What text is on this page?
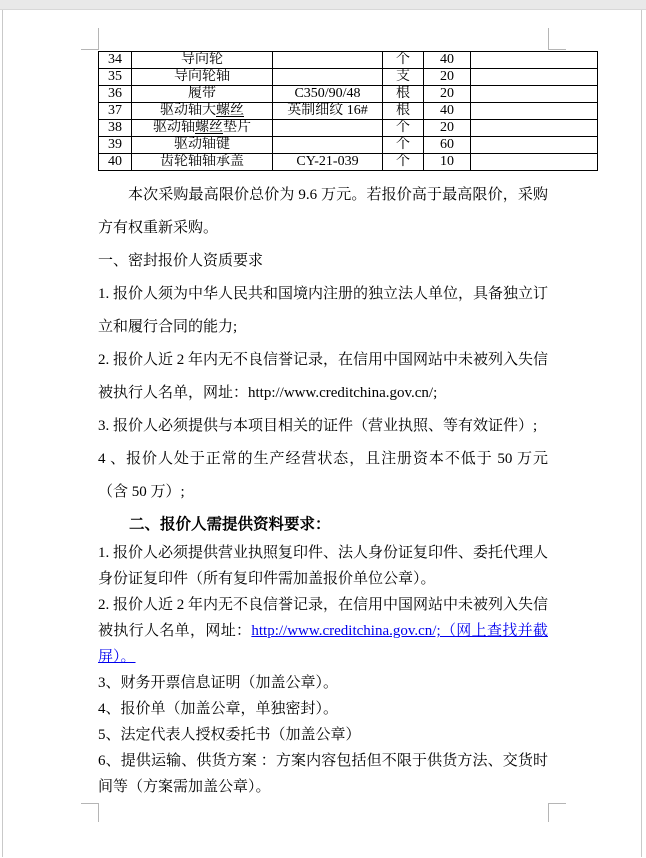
34	导向轮		个	40	
35	导向轮轴		支	20	
36	履带	C350/90/48	根	20	
37	驱动轴大螺丝	英制细纹 16#	根	40	
38	驱动轴螺丝垫片		个	20	
39	驱动轴键		个	60	
40	齿轮轴轴承盖	CY-21-039	个	10	

本次采购最高限价总价为 9.6 万元。若报价高于最高限价，采购方有权重新采购。

一、密封报价人资质要求

1. 报价人须为中华人民共和国境内注册的独立法人单位，具备独立订立和履行合同的能力;

2. 报价人近 2 年内无不良信誉记录，在信用中国网站中未被列入失信被执行人名单，网址：http://www.creditchina.gov.cn/;

3. 报价人必须提供与本项目相关的证件（营业执照、等有效证件）;

4 、报价人处于正常的生产经营状态，且注册资本不低于 50 万元（含 50 万）;

二、报价人需提供资料要求：

1. 报价人必须提供营业执照复印件、法人身份证复印件、委托代理人身份证复印件（所有复印件需加盖报价单位公章）。

2. 报价人近 2 年内无不良信誉记录，在信用中国网站中未被列入失信被执行人名单，网址：http://www.creditchina.gov.cn/;（网上查找并截屏）。

3、财务开票信息证明（加盖公章）。

4、报价单（加盖公章，单独密封）。

5、法定代表人授权委托书（加盖公章）

6、提供运输、供货方案 ：方案内容包括但不限于供货方法、交货时间等（方案需加盖公章）。
